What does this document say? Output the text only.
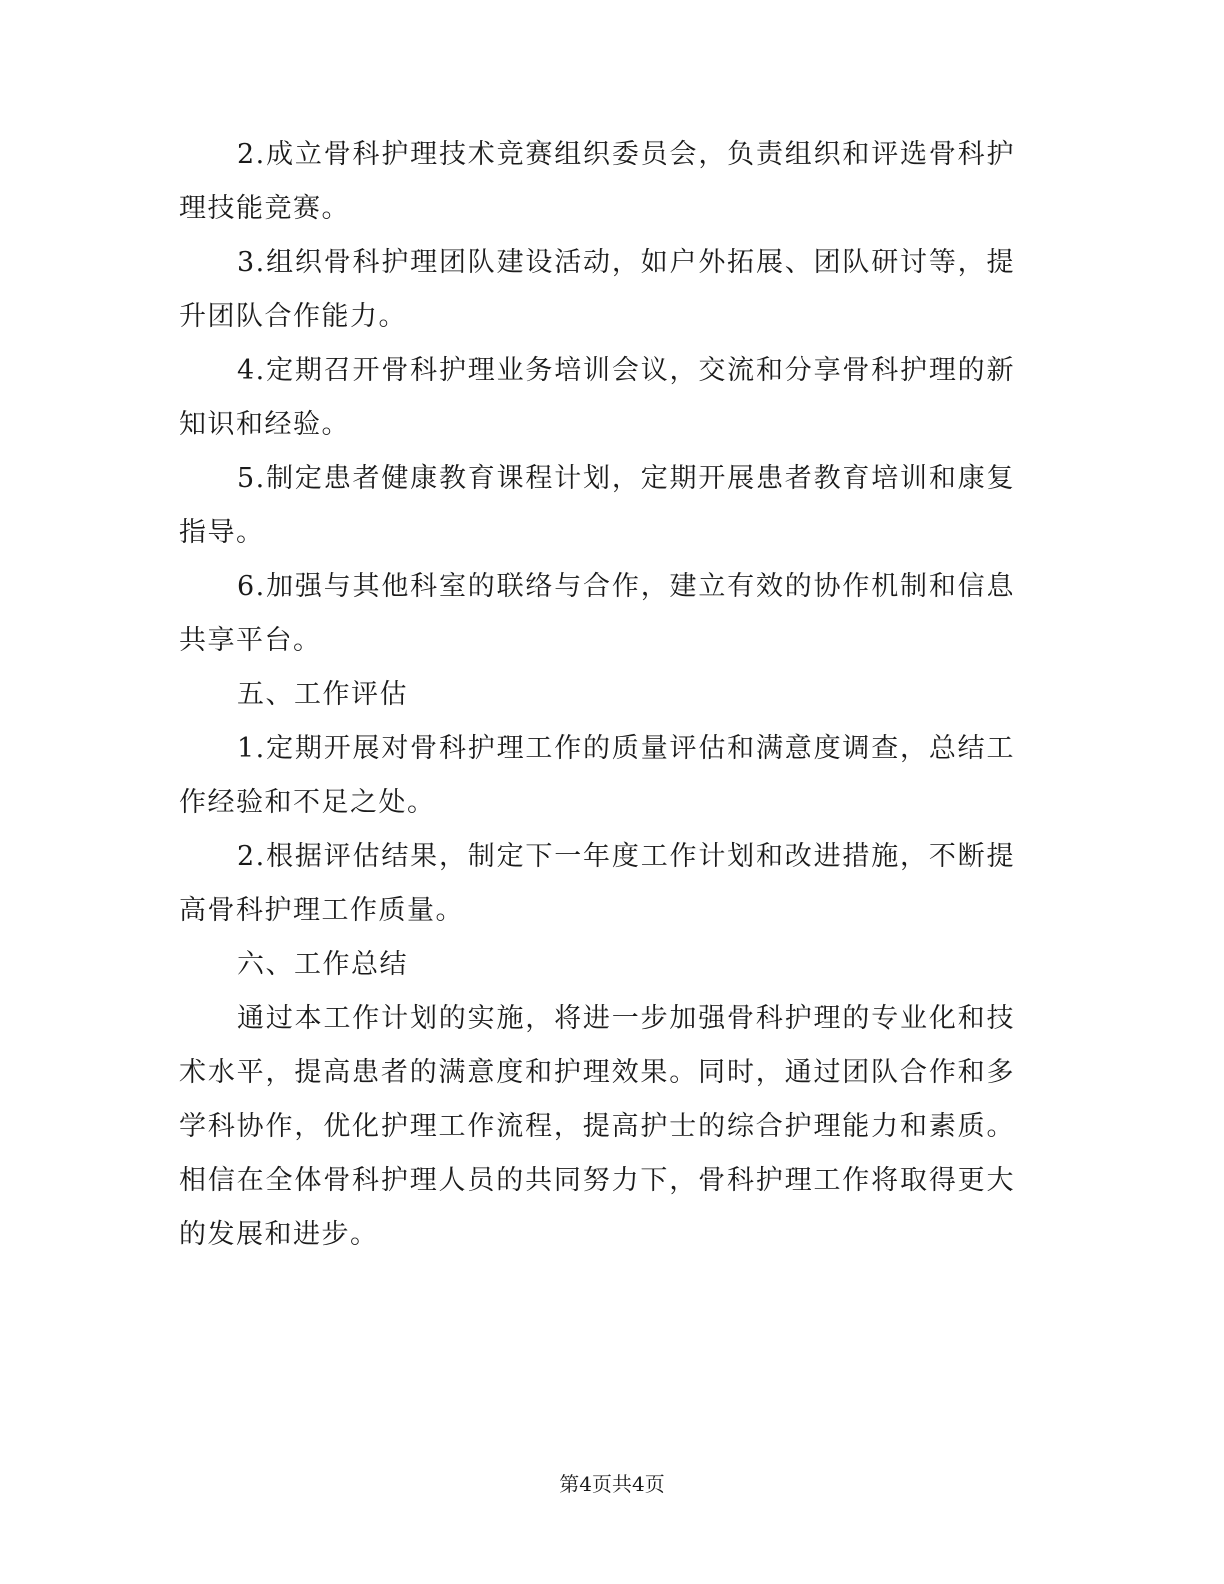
2.成立骨科护理技术竞赛组织委员会，负责组织和评选骨科护理技能竞赛。

3.组织骨科护理团队建设活动，如户外拓展、团队研讨等，提升团队合作能力。

4.定期召开骨科护理业务培训会议，交流和分享骨科护理的新知识和经验。

5.制定患者健康教育课程计划，定期开展患者教育培训和康复指导。

6.加强与其他科室的联络与合作，建立有效的协作机制和信息共享平台。

五、工作评估

1.定期开展对骨科护理工作的质量评估和满意度调查，总结工作经验和不足之处。

2.根据评估结果，制定下一年度工作计划和改进措施，不断提高骨科护理工作质量。

六、工作总结

通过本工作计划的实施，将进一步加强骨科护理的专业化和技术水平，提高患者的满意度和护理效果。同时，通过团队合作和多学科协作，优化护理工作流程，提高护士的综合护理能力和素质。相信在全体骨科护理人员的共同努力下，骨科护理工作将取得更大的发展和进步。

第4页共4页
